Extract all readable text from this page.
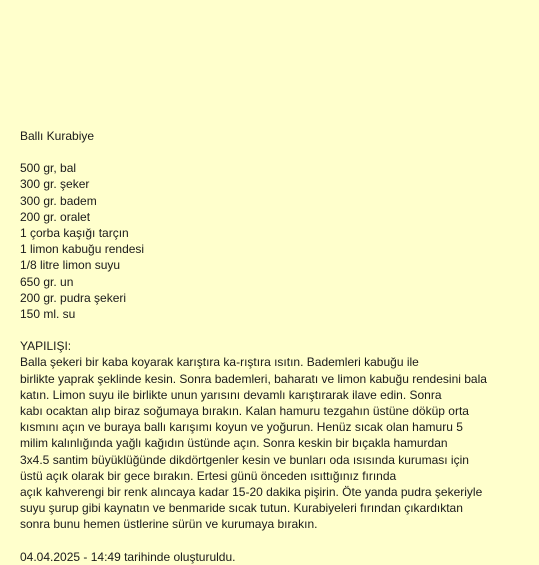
Ballı Kurabiye
500 gr, bal
300 gr. şeker
300 gr. badem
200 gr. oralet
1 çorba kaşığı tarçın
1 limon kabuğu rendesi
1/8 litre limon suyu
650 gr. un
200 gr. pudra şekeri
150 ml. su
YAPILIŞI:
Balla şekeri bir kaba koyarak karıştıra ka-rıştıra ısıtın. Bademleri kabuğu ile
birlikte yaprak şeklinde kesin. Sonra bademleri, baharatı ve limon kabuğu rendesini bala
katın. Limon suyu ile birlikte unun yarısını devamlı karıştırarak ilave edin. Sonra
kabı ocaktan alıp biraz soğumaya bırakın. Kalan hamuru tezgahın üstüne döküp orta
kısmını açın ve buraya ballı karışımı koyun ve yoğurun. Henüz sıcak olan hamuru 5
milim kalınlığında yağlı kağıdın üstünde açın. Sonra keskin bir bıçakla hamurdan
3x4.5 santim büyüklüğünde dikdörtgenler kesin ve bunları oda ısısında kuruması için
üstü açık olarak bir gece bırakın. Ertesi günü önceden ısıttığınız fırında
açık kahverengi bir renk alıncaya kadar 15-20 dakika pişirin. Öte yanda pudra şekeriyle
suyu şurup gibi kaynatın ve benmaride sıcak tutun. Kurabiyeleri fırından çıkardıktan
sonra bunu hemen üstlerine sürün ve kurumaya bırakın.
04.04.2025 - 14:49 tarihinde oluşturuldu.
